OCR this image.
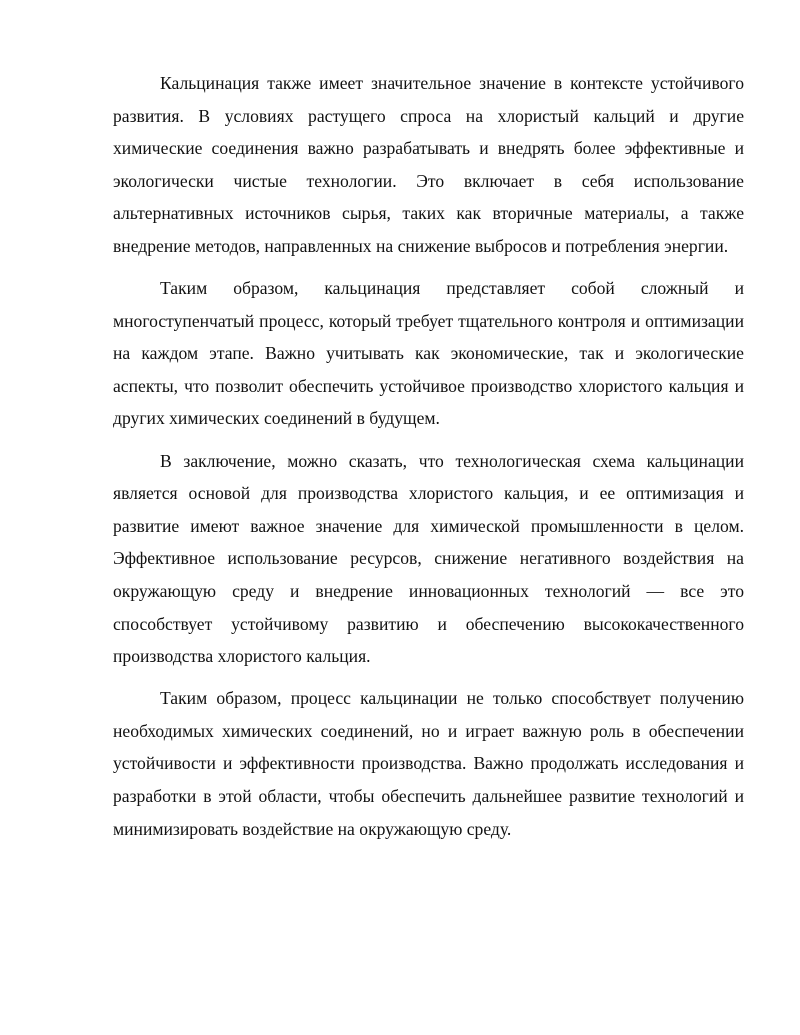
Кальцинация также имеет значительное значение в контексте устойчивого развития. В условиях растущего спроса на хлористый кальций и другие химические соединения важно разрабатывать и внедрять более эффективные и экологически чистые технологии. Это включает в себя использование альтернативных источников сырья, таких как вторичные материалы, а также внедрение методов, направленных на снижение выбросов и потребления энергии.

Таким образом, кальцинация представляет собой сложный и многоступенчатый процесс, который требует тщательного контроля и оптимизации на каждом этапе. Важно учитывать как экономические, так и экологические аспекты, что позволит обеспечить устойчивое производство хлористого кальция и других химических соединений в будущем.

В заключение, можно сказать, что технологическая схема кальцинации является основой для производства хлористого кальция, и ее оптимизация и развитие имеют важное значение для химической промышленности в целом. Эффективное использование ресурсов, снижение негативного воздействия на окружающую среду и внедрение инновационных технологий — все это способствует устойчивому развитию и обеспечению высококачественного производства хлористого кальция.

Таким образом, процесс кальцинации не только способствует получению необходимых химических соединений, но и играет важную роль в обеспечении устойчивости и эффективности производства. Важно продолжать исследования и разработки в этой области, чтобы обеспечить дальнейшее развитие технологий и минимизировать воздействие на окружающую среду.
